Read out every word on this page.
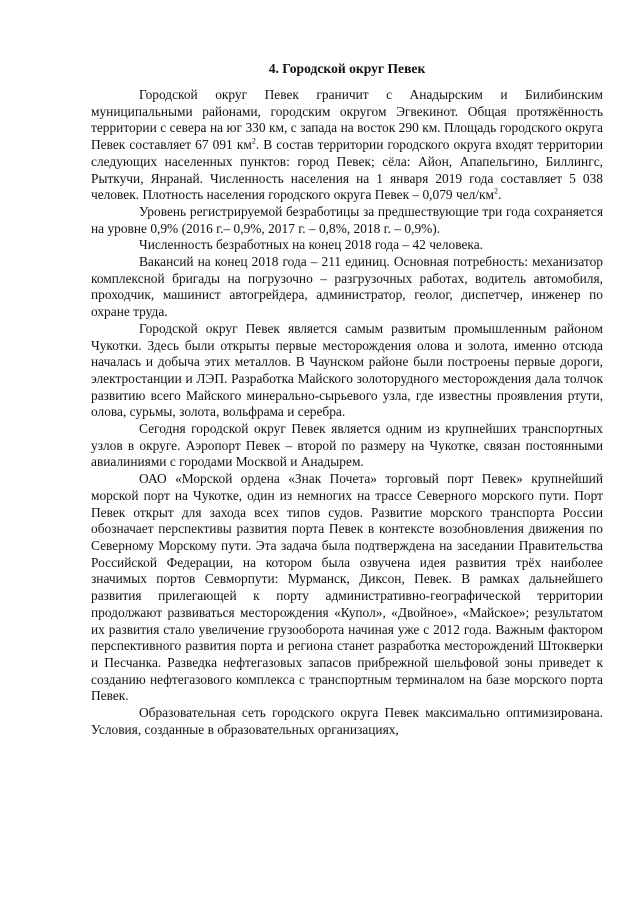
4. Городской округ Певек

Городской округ Певек граничит с Анадырским и Билибинским муниципальными районами, городским округом Эгвекинот. Общая протяжённость территории с севера на юг 330 км, с запада на восток 290 км. Площадь городского округа Певек составляет 67 091 $км^2$. В состав территории городского округа входят территории следующих населенных пунктов: город Певек; сёла: Айон, Апапельгино, Биллингс, Рыткучи, Янранай. Численность населения на 1 января 2019 года составляет 5 038 человек. Плотность населения городского округа Певек – 0,079 чел/$км^2$.

Уровень регистрируемой безработицы за предшествующие три года сохраняется на уровне 0,9% (2016 г.– 0,9%, 2017 г. – 0,8%, 2018 г. – 0,9%).

Численность безработных на конец 2018 года – 42 человека.

Вакансий на конец 2018 года – 211 единиц. Основная потребность: механизатор комплексной бригады на погрузочно – разгрузочных работах, водитель автомобиля, проходчик, машинист автогрейдера, администратор, геолог, диспетчер, инженер по охране труда.

Городской округ Певек является самым развитым промышленным районом Чукотки. Здесь были открыты первые месторождения олова и золота, именно отсюда началась и добыча этих металлов. В Чаунском районе были построены первые дороги, электростанции и ЛЭП. Разработка Майского золоторудного месторождения дала толчок развитию всего Майского минерально-сырьевого узла, где известны проявления ртути, олова, сурьмы, золота, вольфрама и серебра.

Сегодня городской округ Певек является одним из крупнейших транспортных узлов в округе. Аэропорт Певек – второй по размеру на Чукотке, связан постоянными авиалиниями с городами Москвой и Анадырем.

ОАО «Морской ордена «Знак Почета» торговый порт Певек» крупнейший морской порт на Чукотке, один из немногих на трассе Северного морского пути. Порт Певек открыт для захода всех типов судов. Развитие морского транспорта России обозначает перспективы развития порта Певек в контексте возобновления движения по Северному Морскому пути. Эта задача была подтверждена на заседании Правительства Российской Федерации, на котором была озвучена идея развития трёх наиболее значимых портов Севморпути: Мурманск, Диксон, Певек. В рамках дальнейшего развития прилегающей к порту административно-географической территории продолжают развиваться месторождения «Купол», «Двойное», «Майское»; результатом их развития стало увеличение грузооборота начиная уже с 2012 года. Важным фактором перспективного развития порта и региона станет разработка месторождений Штокверки и Песчанка. Разведка нефтегазовых запасов прибрежной шельфовой зоны приведет к созданию нефтегазового комплекса с транспортным терминалом на базе морского порта Певек.

Образовательная сеть городского округа Певек максимально оптимизирована. Условия, созданные в образовательных организациях,
